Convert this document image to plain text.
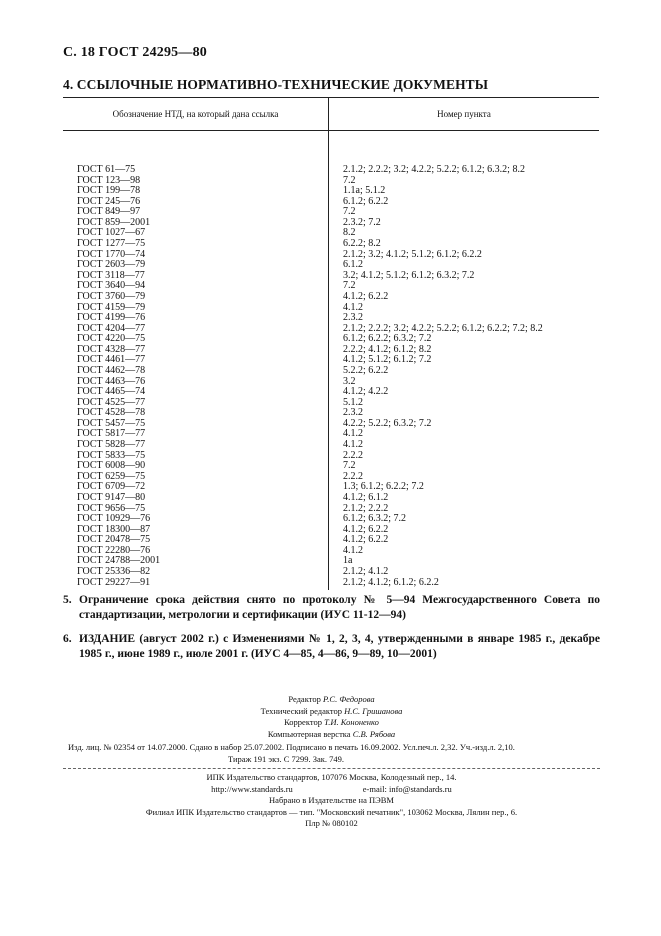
С. 18 ГОСТ 24295—80
4. ССЫЛОЧНЫЕ НОРМАТИВНО-ТЕХНИЧЕСКИЕ ДОКУМЕНТЫ
Обозначение НТД, на который дана ссылка	Номер пункта
ГОСТ 61—75	2.1.2; 2.2.2; 3.2; 4.2.2; 5.2.2; 6.1.2; 6.3.2; 8.2
ГОСТ 123—98	7.2
ГОСТ 199—78	1.1а; 5.1.2
ГОСТ 245—76	6.1.2; 6.2.2
ГОСТ 849—97	7.2
ГОСТ 859—2001	2.3.2; 7.2
ГОСТ 1027—67	8.2
ГОСТ 1277—75	6.2.2; 8.2
ГОСТ 1770—74	2.1.2; 3.2; 4.1.2; 5.1.2; 6.1.2; 6.2.2
ГОСТ 2603—79	6.1.2
ГОСТ 3118—77	3.2; 4.1.2; 5.1.2; 6.1.2; 6.3.2; 7.2
ГОСТ 3640—94	7.2
ГОСТ 3760—79	4.1.2; 6.2.2
ГОСТ 4159—79	4.1.2
ГОСТ 4199—76	2.3.2
ГОСТ 4204—77	2.1.2; 2.2.2; 3.2; 4.2.2; 5.2.2; 6.1.2; 6.2.2; 7.2; 8.2
ГОСТ 4220—75	6.1.2; 6.2.2; 6.3.2; 7.2
ГОСТ 4328—77	2.2.2; 4.1.2; 6.1.2; 8.2
ГОСТ 4461—77	4.1.2; 5.1.2; 6.1.2; 7.2
ГОСТ 4462—78	5.2.2; 6.2.2
ГОСТ 4463—76	3.2
ГОСТ 4465—74	4.1.2; 4.2.2
ГОСТ 4525—77	5.1.2
ГОСТ 4528—78	2.3.2
ГОСТ 5457—75	4.2.2; 5.2.2; 6.3.2; 7.2
ГОСТ 5817—77	4.1.2
ГОСТ 5828—77	4.1.2
ГОСТ 5833—75	2.2.2
ГОСТ 6008—90	7.2
ГОСТ 6259—75	2.2.2
ГОСТ 6709—72	1.3; 6.1.2; 6.2.2; 7.2
ГОСТ 9147—80	4.1.2; 6.1.2
ГОСТ 9656—75	2.1.2; 2.2.2
ГОСТ 10929—76	6.1.2; 6.3.2; 7.2
ГОСТ 18300—87	4.1.2; 6.2.2
ГОСТ 20478—75	4.1.2; 6.2.2
ГОСТ 22280—76	4.1.2
ГОСТ 24788—2001	1а
ГОСТ 25336—82	2.1.2; 4.1.2
ГОСТ 29227—91	2.1.2; 4.1.2; 6.1.2; 6.2.2
5. Ограничение срока действия снято по протоколу № 5—94 Межгосударственного Совета по стандартизации, метрологии и сертификации (ИУС 11-12—94)
6. ИЗДАНИЕ (август 2002 г.) с Изменениями № 1, 2, 3, 4, утвержденными в январе 1985 г., декабре 1985 г., июне 1989 г., июле 2001 г. (ИУС 4—85, 4—86, 9—89, 10—2001)
Редактор Р.С. Федорова
Технический редактор Н.С. Гришанова
Корректор Т.И. Кононенко
Компьютерная верстка С.В. Рябова
Изд. лиц. № 02354 от 14.07.2000. Сдано в набор 25.07.2002. Подписано в печать 16.09.2002. Усл.печ.л. 2,32. Уч.-изд.л. 2,10.
Тираж 191 экз. С 7299. Зак. 749.
ИПК Издательство стандартов, 107076 Москва, Колодезный пер., 14.
http://www.standards.ru	e-mail: info@standards.ru
Набрано в Издательстве на ПЭВМ
Филиал ИПК Издательство стандартов — тип. "Московский печатник", 103062 Москва, Лялин пер., 6.
Плр № 080102
